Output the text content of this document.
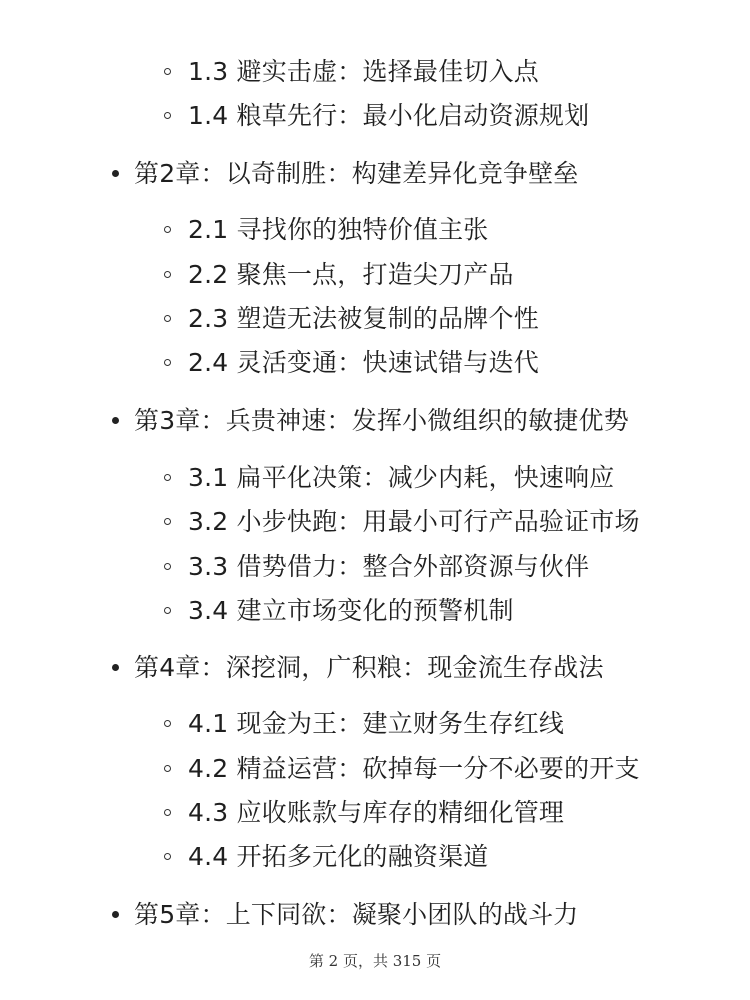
1.3 避实击虚：选择最佳切入点
1.4 粮草先行：最小化启动资源规划
第2章：以奇制胜：构建差异化竞争壁垒
2.1 寻找你的独特价值主张
2.2 聚焦一点，打造尖刀产品
2.3 塑造无法被复制的品牌个性
2.4 灵活变通：快速试错与迭代
第3章：兵贵神速：发挥小微组织的敏捷优势
3.1 扁平化决策：减少内耗，快速响应
3.2 小步快跑：用最小可行产品验证市场
3.3 借势借力：整合外部资源与伙伴
3.4 建立市场变化的预警机制
第4章：深挖洞，广积粮：现金流生存战法
4.1 现金为王：建立财务生存红线
4.2 精益运营：砍掉每一分不必要的开支
4.3 应收账款与库存的精细化管理
4.4 开拓多元化的融资渠道
第5章：上下同欲：凝聚小团队的战斗力
第 2 页，共 315 页
